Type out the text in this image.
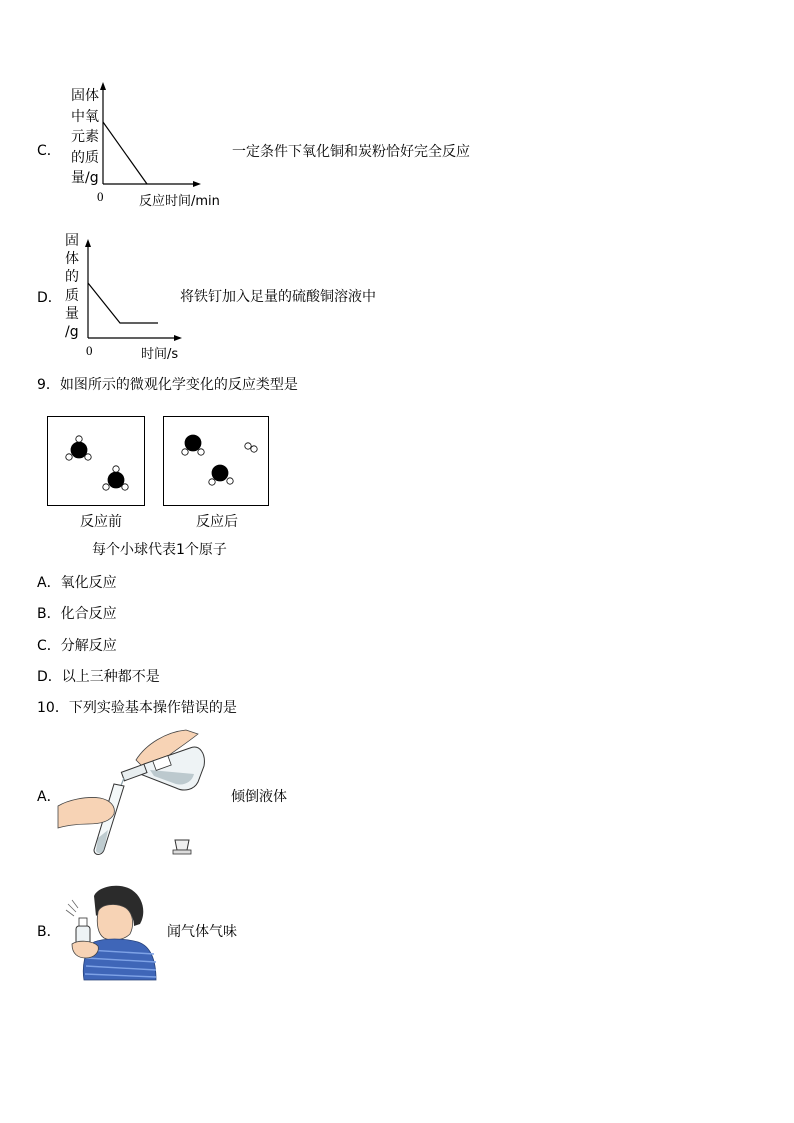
C．
固体
中氧
元素
的质
量/g
0	反应时间/min
一定条件下氧化铜和炭粉恰好完全反应
D．
固
体
的
质
量
/g
0	时间/s
将铁钉加入足量的硫酸铜溶液中
9．如图所示的微观化学变化的反应类型是
反应前	反应后
每个小球代表1个原子
A．氧化反应
B．化合反应
C．分解反应
D．以上三种都不是
10．下列实验基本操作错误的是
A．	倾倒液体
B．	闻气体气味
